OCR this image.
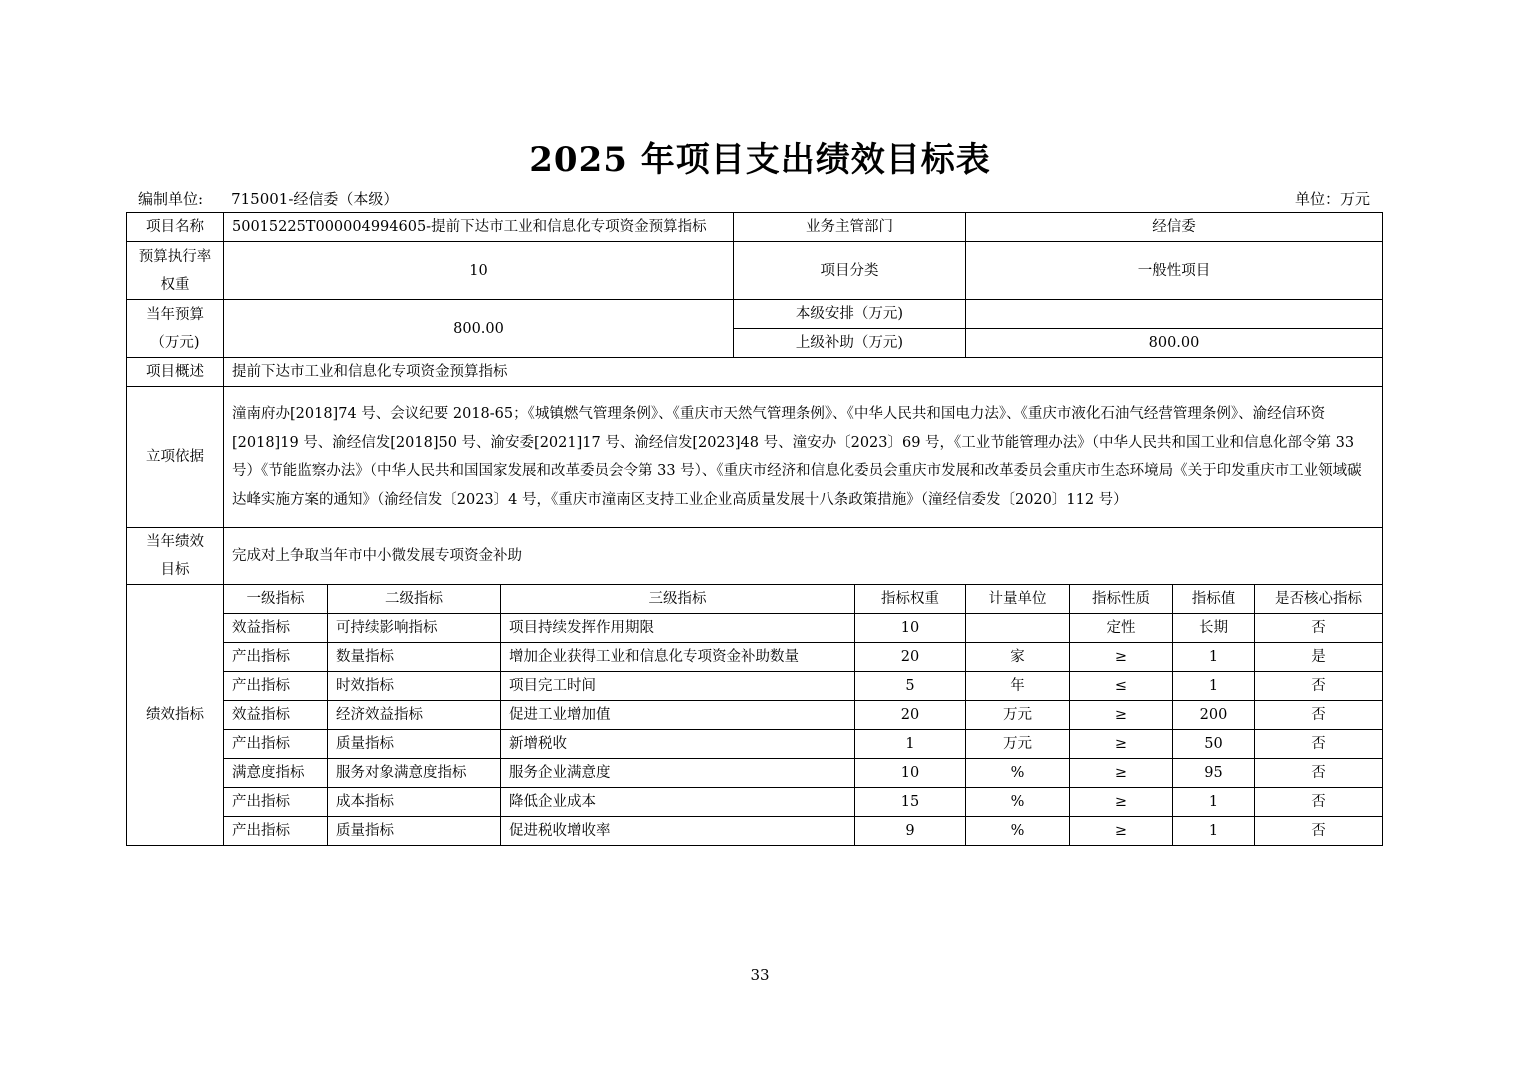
2025 年项目支出绩效目标表
编制单位: 715001-经信委（本级）	单位：万元
项目名称	50015225T000004994605-提前下达市工业和信息化专项资金预算指标			业务主管部门		经信委			
预算执行率权重	10			项目分类		一般性项目			
当年预算（万元)	800.00			本级安排（万元)					
				上级补助（万元)		800.00			
项目概述	提前下达市工业和信息化专项资金预算指标								
立项依据	潼南府办[2018]74 号、会议纪要 2018-65；《城镇燃气管理条例》、《重庆市天然气管理条例》、《中华人民共和国电力法》、《重庆市液化石油气经营管理条例》、渝经信环资[2018]19 号、渝经信发[2018]50 号、渝安委[2021]17 号、渝经信发[2023]48 号、潼安办〔2023〕69 号，《工业节能管理办法》（中华人民共和国工业和信息化部令第 33 号）《节能监察办法》（中华人民共和国国家发展和改革委员会令第 33 号）、《重庆市经济和信息化委员会重庆市发展和改革委员会重庆市生态环境局《关于印发重庆市工业领域碳达峰实施方案的通知》（渝经信发〔2023〕4 号，《重庆市潼南区支持工业企业高质量发展十八条政策措施》（潼经信委发〔2020〕112 号）								
当年绩效目标	完成对上争取当年市中小微发展专项资金补助								
绩效指标	一级指标	二级指标	三级指标		指标权重	计量单位	指标性质	指标值	是否核心指标
	效益指标	可持续影响指标	项目持续发挥作用期限		10		定性	长期	否
	产出指标	数量指标	增加企业获得工业和信息化专项资金补助数量		20	家	≥	1	是
	产出指标	时效指标	项目完工时间		5	年	≤	1	否
	效益指标	经济效益指标	促进工业增加值		20	万元	≥	200	否
	产出指标	质量指标	新增税收		1	万元	≥	50	否
	满意度指标	服务对象满意度指标	服务企业满意度		10	%	≥	95	否
	产出指标	成本指标	降低企业成本		15	%	≥	1	否
	产出指标	质量指标	促进税收增收率		9	%	≥	1	否
33
